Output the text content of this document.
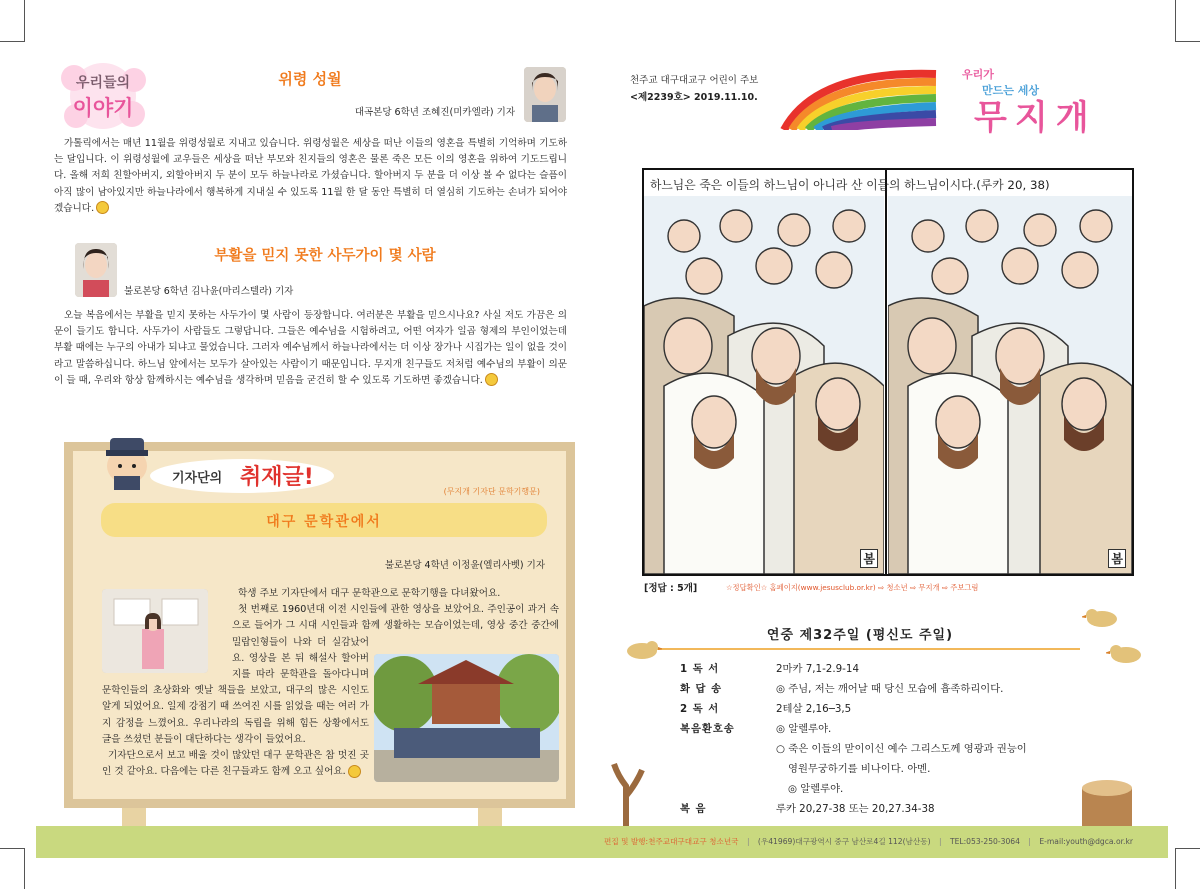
우리들의
이야기
위령 성월
대곡본당 6학년 조혜진(미카엘라) 기자
가톨릭에서는 매년 11월을 위령성월로 지내고 있습니다. 위령성월은 세상을 떠난 이들의 영혼을 특별히 기억하며 기도하는 달입니다. 이 위령성월에 교우들은 세상을 떠난 부모와 친지들의 영혼은 물론 죽은 모든 이의 영혼을 위하여 기도드립니다. 올해 저희 친할아버지, 외할아버지 두 분이 모두 하늘나라로 가셨습니다. 할아버지 두 분을 더 이상 볼 수 없다는 슬픔이 아직 많이 남아있지만 하늘나라에서 행복하게 지내실 수 있도록 11월 한 달 동안 특별히 더 열심히 기도하는 손녀가 되어야겠습니다.
부활을 믿지 못한 사두가이 몇 사람
불로본당 6학년 김나윤(마리스텔라) 기자
오늘 복음에서는 부활을 믿지 못하는 사두가이 몇 사람이 등장합니다. 여러분은 부활을 믿으시나요? 사실 저도 가끔은 의문이 들기도 합니다. 사두가이 사람들도 그렇답니다. 그들은 예수님을 시험하려고, 어떤 여자가 일곱 형제의 부인이었는데 부활 때에는 누구의 아내가 되냐고 물었습니다. 그러자 예수님께서 하늘나라에서는 더 이상 장가나 시집가는 일이 없을 것이라고 말씀하십니다. 하느님 앞에서는 모두가 살아있는 사람이기 때문입니다. 무지개 친구들도 저처럼 예수님의 부활이 의문이 들 때, 우리와 항상 함께하시는 예수님을 생각하며 믿음을 굳건히 할 수 있도록 기도하면 좋겠습니다.
기자단의 취재글!
(무지개 기자단 문학기행문)
대구 문학관에서
불로본당 4학년 이정윤(엘리사벳) 기자
학생 주보 기자단에서 대구 문학관으로 문학기행을 다녀왔어요.
첫 번째로 1960년대 이전 시인들에 관한 영상을 보았어요. 주인공이 과거 속으로 들어가 그 시대 시인들과 함께 생활하는 모습이었는데, 영상 중간 중간에 밀랍인형들이 나와 더 실감났어요. 영상을 본 뒤 해설사 할아버지를 따라 문학관을 돌아다니며 문학인들의 초상화와 옛날 책들을 보았고, 대구의 많은 시인도 알게 되었어요. 일제 강점기 때 쓰여진 시를 읽었을 때는 여러 가지 감정을 느꼈어요. 우리나라의 독립을 위해 힘든 상황에서도 글을 쓰셨던 분들이 대단하다는 생각이 들었어요.
기자단으로서 보고 배울 것이 많았던 대구 문학관은 참 멋진 곳인 것 같아요. 다음에는 다른 친구들과도 함께 오고 싶어요.
천주교 대구대교구 어린이 주보
<제2239호> 2019.11.10.
우리가
만드는 세상
무지개
하느님은 죽은 이들의 하느님이 아니라 산 이들의 하느님이시다.(루카 20, 38)
봄	봄
[정답 : 5개]	☆정답확인☆ 홈페이지(www.jesusclub.or.kr) ⇨ 청소년 ⇨ 무지개 ⇨ 주보그림
연중 제32주일 (평신도 주일)
1 독 서	2마카 7,1-2.9-14
화 답 송	◎ 주님, 저는 깨어날 때 당신 모습에 흡족하리이다.
2 독 서	2테살 2,16─3,5
복음환호송	◎ 알렐루야.
○ 죽은 이들의 맏이이신 예수 그리스도께 영광과 권능이
영원무궁하기를 비나이다. 아멘.
◎ 알렐루야.
복 음	루카 20,27-38 또는 20,27.34-38
편집 및 발행:천주교대구대교구 청소년국 | (우41969)대구광역시 중구 남산로4길 112(남산동) | TEL:053-250-3064 | E-mail:youth@dgca.or.kr
